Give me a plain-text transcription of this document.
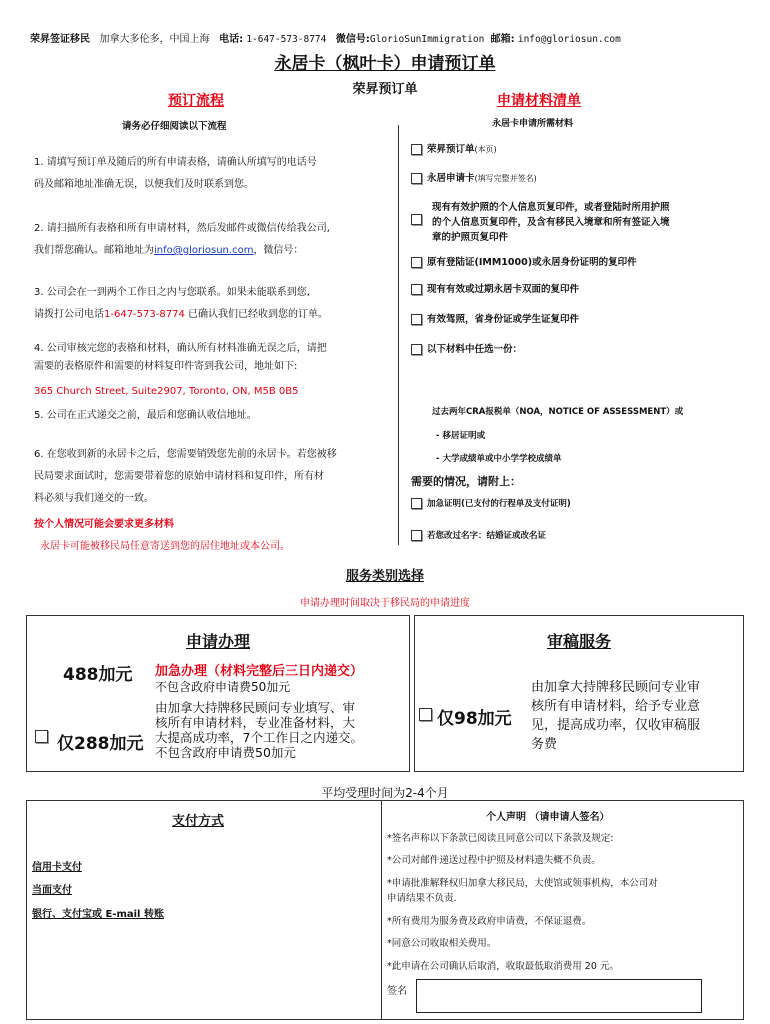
荣昇签证移民 加拿大多伦多，中国上海 电话: 1-647-573-8774 微信号:GlorioSunImmigration 邮箱: info@gloriosun.com
永居卡（枫叶卡）申请预订单
荣昇预订单
预订流程
请务必仔细阅读以下流程
1. 请填写预订单及随后的所有申请表格，请确认所填写的电话号
码及邮箱地址准确无误，以便我们及时联系到您。
2. 请扫描所有表格和所有申请材料，然后发邮件或微信传给我公司,
我们帮您确认。邮箱地址为info@gloriosun.com，微信号：
3. 公司会在一到两个工作日之内与您联系。如果未能联系到您,
请拨打公司电话1-647-573-8774 已确认我们已经收到您的订单。
4. 公司审核完您的表格和材料，确认所有材料准确无误之后，请把
需要的表格原件和需要的材料复印件寄到我公司，地址如下:
365 Church Street, Suite2907, Toronto, ON, M5B 0B5
5. 公司在正式递交之前，最后和您确认收信地址。
6. 在您收到新的永居卡之后，您需要销毁您先前的永居卡。若您被移
民局要求面试时，您需要带着您的原始申请材料和复印件，所有材
料必须与我们递交的一致。
按个人情况可能会要求更多材料
永居卡可能被移民局任意寄送到您的居住地址或本公司。
申请材料清单
永居卡申请所需材料
荣昇预订单 (本页)
永居申请卡 (填写完整并签名)
现有有效护照的个人信息页复印件，或者登陆时所用护照
的个人信息页复印件，及含有移民入境章和所有签证入境
章的护照页复印件
原有登陆证(IMM1000)或永居身份证明的复印件
现有有效或过期永居卡双面的复印件
有效驾照，省身份证或学生证复印件
以下材料中任选一份：
过去两年CRA报税单（NOA，NOTICE OF ASSESSMENT）或
- 移居证明或
- 大学成绩单或中小学学校成绩单
需要的情况，请附上：
加急证明(已支付的行程单及支付证明)
若您改过名字：结婚证或改名证
服务类别选择
申请办理时间取决于移民局的申请进度
申请办理
488加元 加急办理（材料完整后三日内递交）
不包含政府申请费50加元
仅288加元
由加拿大持牌移民顾问专业填写、审
核所有申请材料，专业准备材料，大
大提高成功率，7个工作日之内递交。
不包含政府申请费50加元
审稿服务
仅98加元
由加拿大持牌移民顾问专业审
核所有申请材料，给予专业意
见，提高成功率，仅收审稿服
务费
平均受理时间为2-4个月
支付方式
信用卡支付
当面支付
银行、支付宝或 E-mail 转账
个人声明 （请申请人签名）
*签名声称以下条款已阅读且同意公司以下条款及规定:
*公司对邮件递送过程中护照及材料遗失概不负责。
*申请批准解释权归加拿大移民局，大使馆或领事机构，本公司对
申请结果不负责.
*所有费用为服务费及政府申请费，不保证退费。
*同意公司收取相关费用。
*此申请在公司确认后取消，收取最低取消费用 20 元。
签名
